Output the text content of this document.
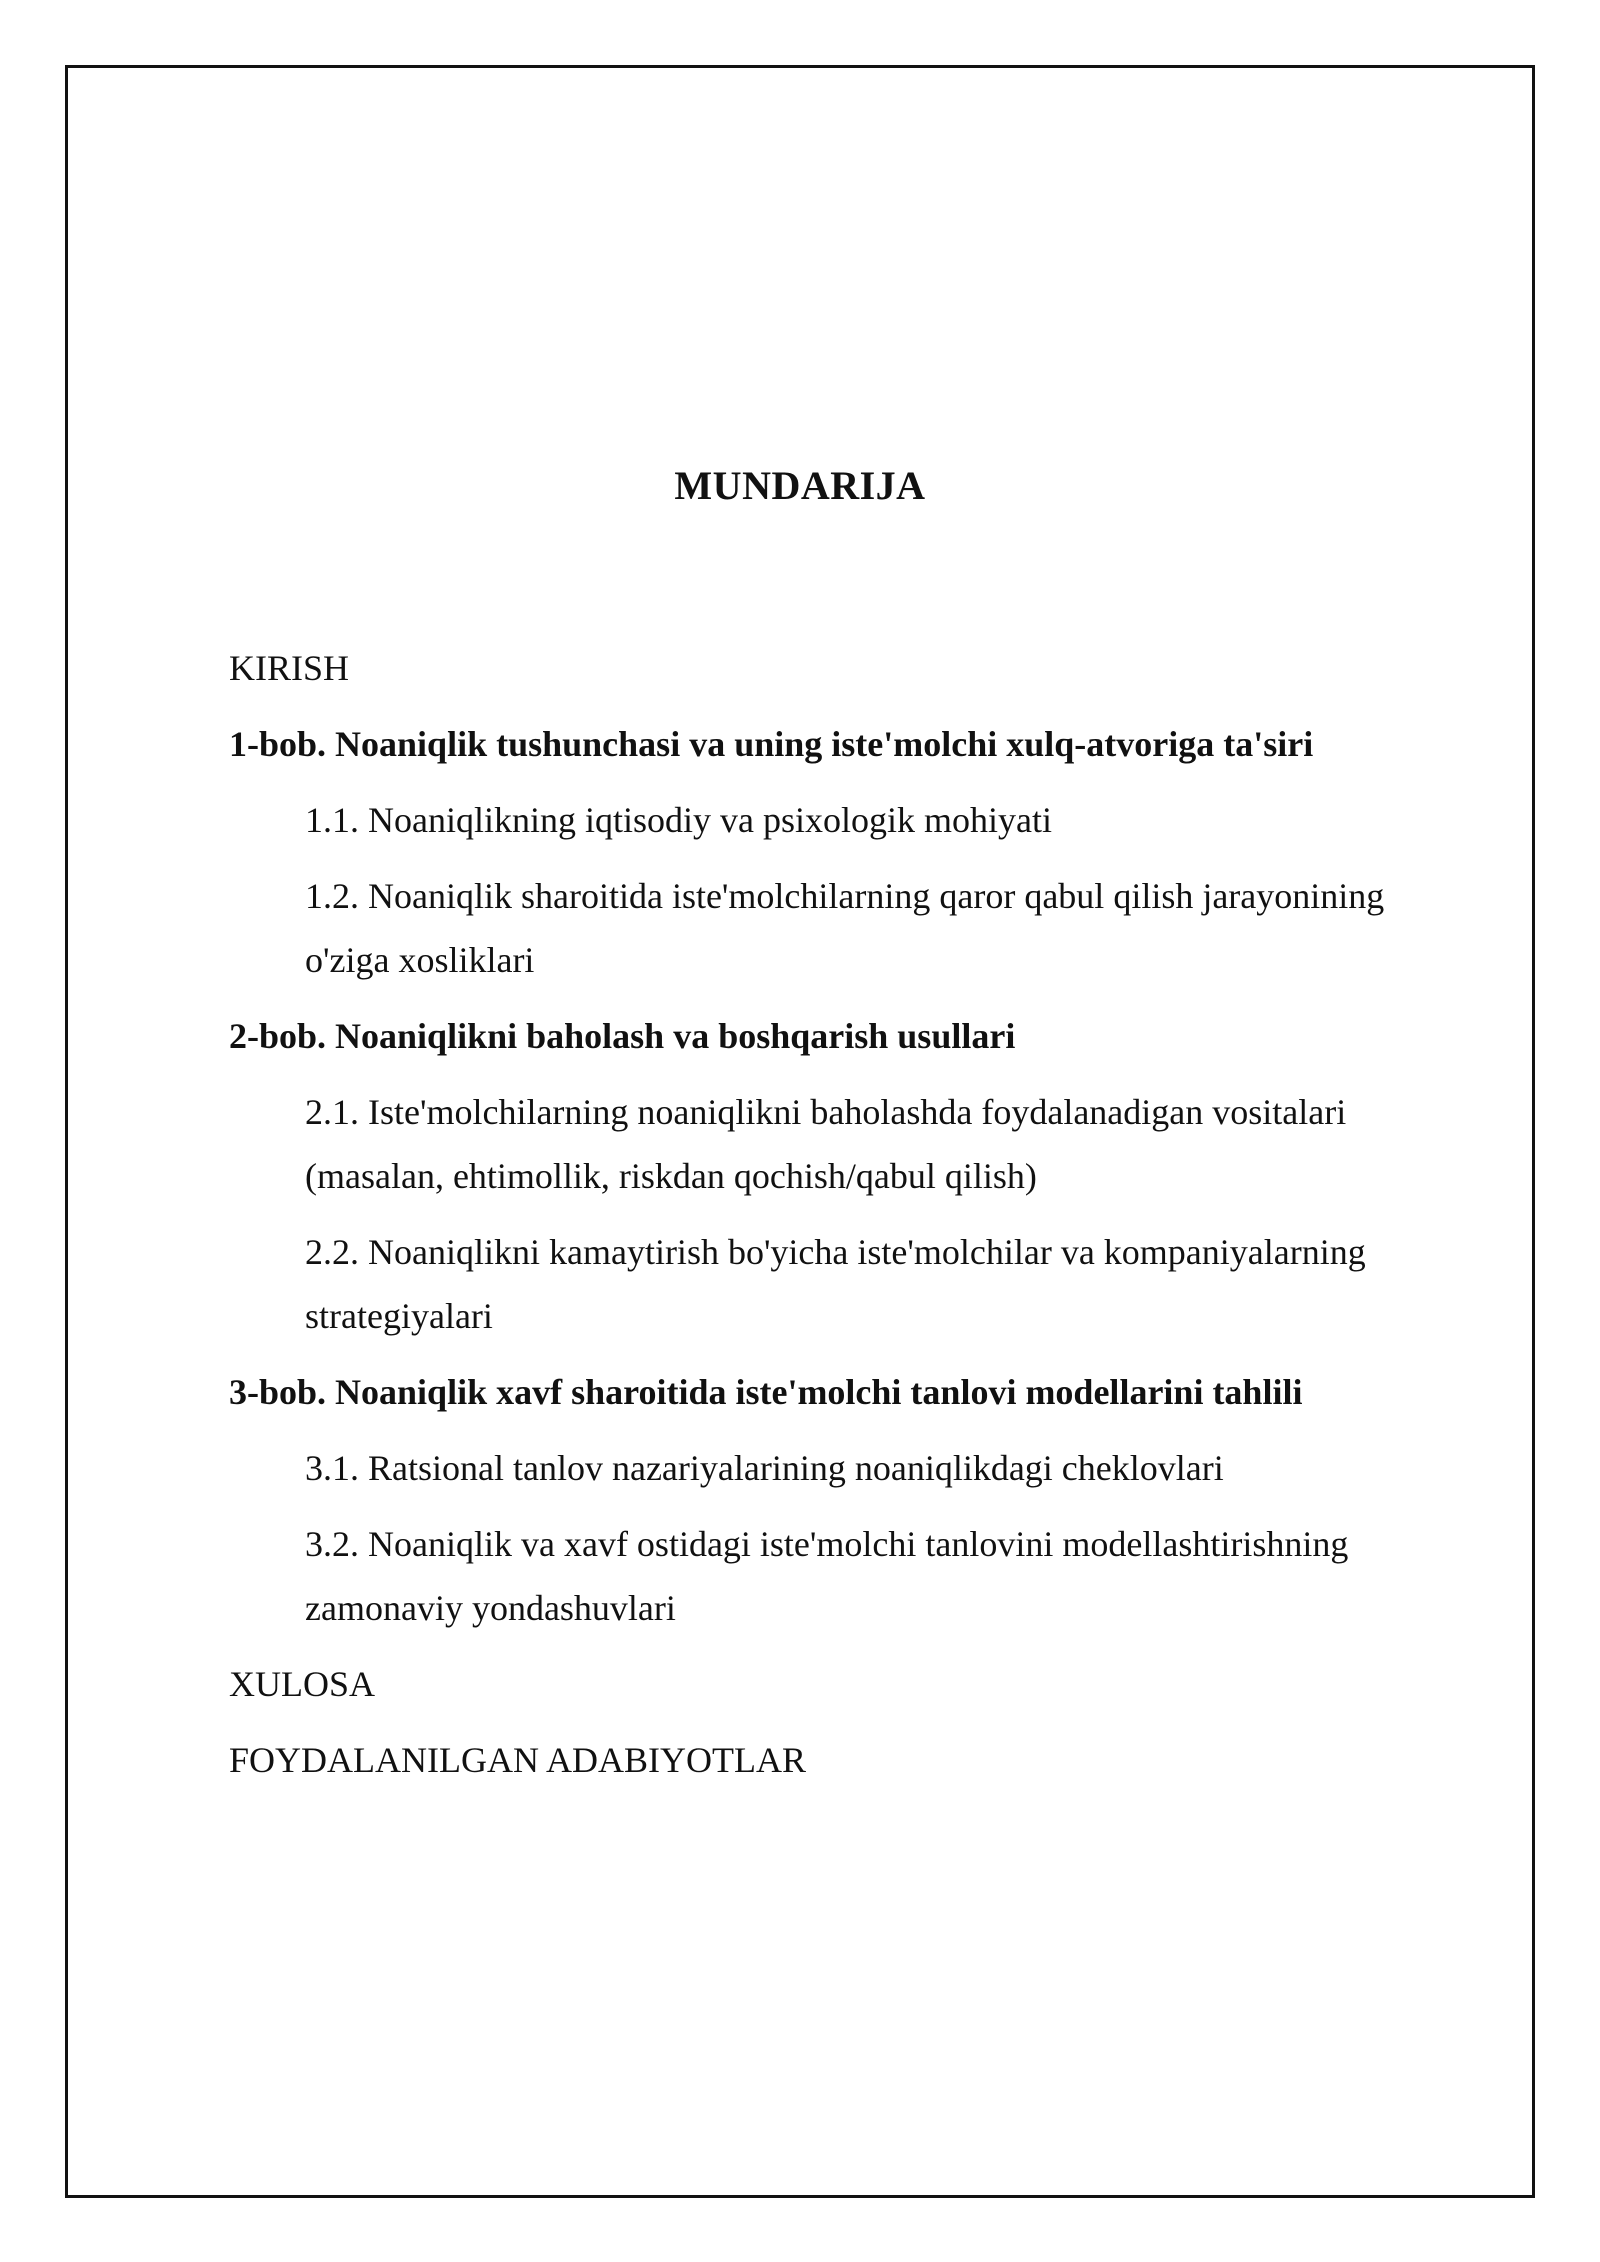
MUNDARIJA
KIRISH
1-bob. Noaniqlik tushunchasi va uning iste'molchi xulq-atvoriga ta'siri
1.1. Noaniqlikning iqtisodiy va psixologik mohiyati
1.2. Noaniqlik sharoitida iste'molchilarning qaror qabul qilish jarayonining o'ziga xosliklari
2-bob. Noaniqlikni baholash va boshqarish usullari
2.1. Iste'molchilarning noaniqlikni baholashda foydalanadigan vositalari (masalan, ehtimollik, riskdan qochish/qabul qilish)
2.2. Noaniqlikni kamaytirish bo'yicha iste'molchilar va kompaniyalarning strategiyalari
3-bob. Noaniqlik xavf sharoitida iste'molchi tanlovi modellarini tahlili
3.1. Ratsional tanlov nazariyalarining noaniqlikdagi cheklovlari
3.2. Noaniqlik va xavf ostidagi iste'molchi tanlovini modellashtirishning zamonaviy yondashuvlari
XULOSA
FOYDALANILGAN ADABIYOTLAR
